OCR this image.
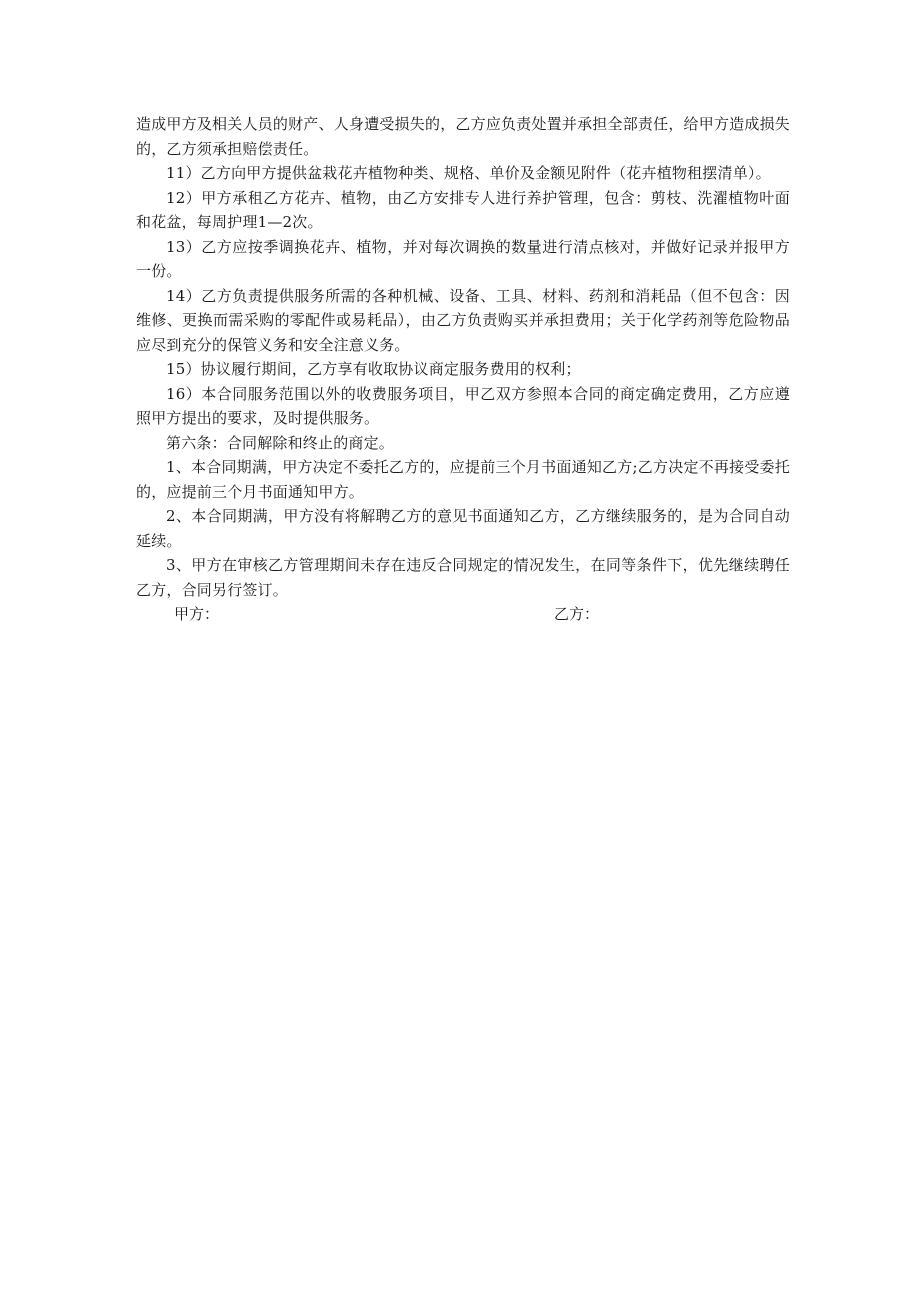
造成甲方及相关人员的财产、人身遭受损失的，乙方应负责处置并承担全部责任，给甲方造成损失的，乙方须承担赔偿责任。

11）乙方向甲方提供盆栽花卉植物种类、规格、单价及金额见附件（花卉植物租摆清单）。

12）甲方承租乙方花卉、植物，由乙方安排专人进行养护管理，包含：剪枝、洗濯植物叶面和花盆，每周护理1—2次。

13）乙方应按季调换花卉、植物，并对每次调换的数量进行清点核对，并做好记录并报甲方一份。

14）乙方负责提供服务所需的各种机械、设备、工具、材料、药剂和消耗品（但不包含：因维修、更换而需采购的零配件或易耗品），由乙方负责购买并承担费用；关于化学药剂等危险物品应尽到充分的保管义务和安全注意义务。

15）协议履行期间，乙方享有收取协议商定服务费用的权利；

16）本合同服务范围以外的收费服务项目，甲乙双方参照本合同的商定确定费用，乙方应遵照甲方提出的要求，及时提供服务。

第六条：合同解除和终止的商定。

1、本合同期满，甲方决定不委托乙方的，应提前三个月书面通知乙方;乙方决定不再接受委托的，应提前三个月书面通知甲方。

2、本合同期满，甲方没有将解聘乙方的意见书面通知乙方，乙方继续服务的，是为合同自动延续。

3、甲方在审核乙方管理期间未存在违反合同规定的情况发生，在同等条件下，优先继续聘任乙方，合同另行签订。

甲方：	乙方：
